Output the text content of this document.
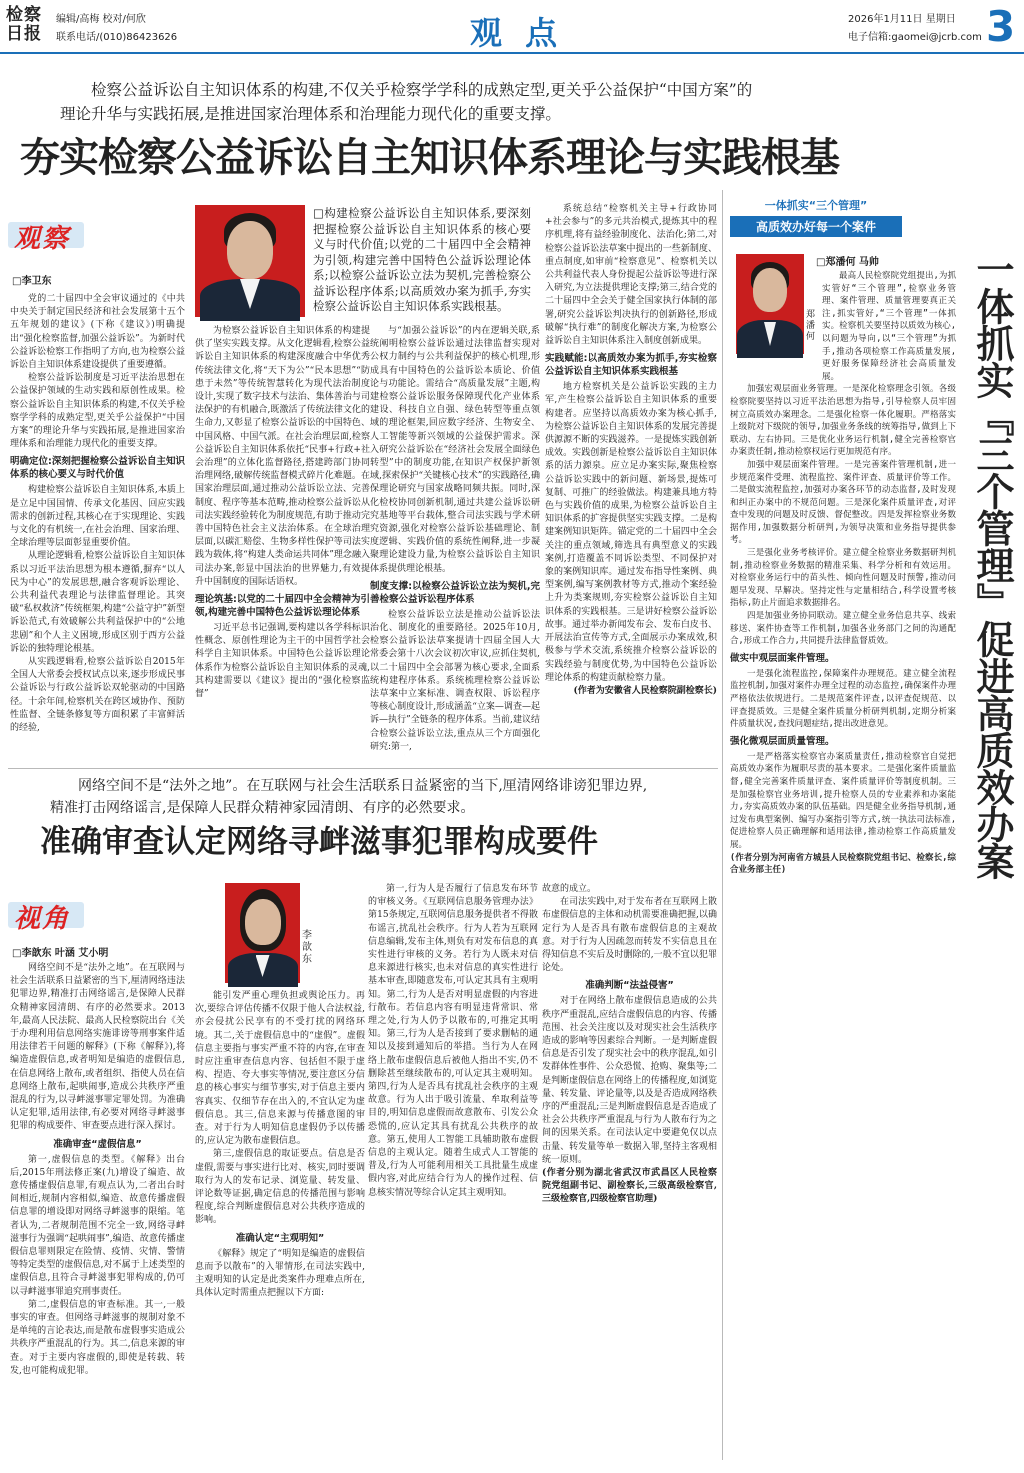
检察日报
编辑/高梅 校对/何欣
联系电话/(010)86423626	观 点	2026年1月11日 星期日
电子信箱:gaomei@jcrb.com 3
检察公益诉讼自主知识体系的构建,不仅关乎检察学学科的成熟定型,更关乎公益保护“中国方案”的理论升华与实践拓展,是推进国家治理体系和治理能力现代化的重要支撑。
夯实检察公益诉讼自主知识体系理论与实践根基
观察
□李卫东
□构建检察公益诉讼自主知识体系,要深刻把握检察公益诉讼自主知识体系的核心要义与时代价值;以党的二十届四中全会精神为引领,构建完善中国特色公益诉讼理论体系;以检察公益诉讼立法为契机,完善检察公益诉讼程序体系;以高质效办案为抓手,夯实检察公益诉讼自主知识体系实践根基。

党的二十届四中全会审议通过的《中共中央关于制定国民经济和社会发展第十五个五年规划的建议》(下称《建议》)明确提出“强化检察监督,加强公益诉讼”。为新时代公益诉讼检察工作指明了方向,也为检察公益诉讼自主知识体系建设提供了重要遵循。

检察公益诉讼制度是习近平法治思想在公益保护领域的生动实践和原创性成果。检察公益诉讼自主知识体系的构建,不仅关乎检察学学科的成熟定型,更关乎公益保护“中国方案”的理论升华与实践拓展,是推进国家治理体系和治理能力现代化的重要支撑。

明确定位:深刻把握检察公益诉讼自主知识体系的核心要义与时代价值

构建检察公益诉讼自主知识体系,本质上是立足中国国情、传承文化基因、回应实践需求的创新过程,其核心在于实现理论、实践与文化的有机统一,在社会治理、国家治理、全球治理等层面彰显重要价值。

从理论逻辑看,检察公益诉讼自主知识体系以习近平法治思想为根本遵循,摒弃“以人民为中心”的发展思想,融合客观诉讼理论、公共利益代表理论与法律监督理论。其突破“私权救济”传统框架,构建“公益守护”新型诉讼范式,有效破解公共利益保护中的“公地悲剧”和个人主义困境,形成区别于西方公益诉讼的独特理论根基。

从实践逻辑看,检察公益诉讼自2015年全国人大常委会授权试点以来,逐步形成民事公益诉讼与行政公益诉讼双轮驱动的中国路径。十余年间,检察机关在跨区域协作、预防性监督、全链条修复等方面积累了丰富鲜活的经验,

为检察公益诉讼自主知识体系的构建提供了坚实实践支撑。从文化逻辑看,检察公益诉讼自主知识体系的构建深度融合中华优秀传统法律文化,将“天下为公”“民本思想”“防患于未然”等传统智慧转化为现代法治制度设计,实现了数字技术与法治、集体善治与司法保护的有机融合,既激活了传统法律文化的生命力,又彰显了检察公益诉讼的中国特色、中国风格、中国气派。在社会治理层面,检察公益诉讼自主知识体系依托“民事+行政+社会治理”的立体化监督路径,搭建跨部门协同治理网络,破解传统监督模式碎片化难题。在国家治理层面,通过推动公益诉讼立法、完善制度、程序等基本范畴,推动检察公益诉讼从司法实践经验转化为制度规范,有助于推动完善中国特色社会主义法治体系。在全球治理层面,以碳汇赔偿、生物多样性保护等司法实践为载体,将“构建人类命运共同体”理念融入司法办案,彰显中国法治的世界魅力,有效提升中国制度的国际话语权。

理论筑基:以党的二十届四中全会精神为引领,构建完善中国特色公益诉讼理论体系

习近平总书记强调,要构建以各学科标识性概念、原创性理论为主干的中国哲学社会科学自主知识体系。中国特色公益诉讼理论体系作为检察公益诉讼自主知识体系的灵魂,其构建需要以《建议》提出的“强化检察监督”

与“加强公益诉讼”的内在逻辑关联,系统阐明检察公益诉讼通过法律监督实现对公权力制约与公共利益保护的核心机理,形成具有中国特色的公益诉讼本质论、价值论与功能论。需结合“高质量发展”主题,构建检察公益诉讼服务保障现代化产业体系建设、科技自立自强、绿色转型等重点领域的理论框架,回应数字经济、生物安全、人工智能等新兴领域的公益保护需求。深入研究公益诉讼在“经济社会发展全面绿色转型”中的制度功能,在知识产权保护新领域,探索保护“关键核心技术”的实践路径,确保理论研究与国家战略同频共振。同时,深化检校协同创新机制,通过共建公益诉讼研究基地等平台载体,整合司法实践与学术研究资源,强化对检察公益诉讼基础理论、制度逻辑、实践价值的系统性阐释,进一步凝聚理论建设力量,为检察公益诉讼自主知识体系提供理论根基。

制度支撑:以检察公益诉讼立法为契机,完善检察公益诉讼程序体系

检察公益诉讼立法是推动公益诉讼法治化、制度化的重要路径。2025年10月,检察公益诉讼法草案提请十四届全国人大常委会第十八次会议初次审议,应抓住契机,以二十届四中全会部署为核心要求,全面系统构建程序体系。系统梳理检察公益诉讼法草案中立案标准、调查权限、诉讼程序等核心制度设计,形成涵盖“立案—调查—起诉—执行”全链条的程序体系。当前,建议结合检察公益诉讼立法,重点从三个方面强化研究:第一,

系统总结“检察机关主导+行政协同+社会参与”的多元共治模式,提炼其中的程序机理,将有益经验制度化、法治化;第二,对检察公益诉讼法草案中提出的一些新制度、重点制度,如审前“检察意见”、检察机关以公共利益代表人身份提起公益诉讼等进行深入研究,为立法提供理论支撑;第三,结合党的二十届四中全会关于健全国家执行体制的部署,研究公益诉讼判决执行的创新路径,形成破解“执行难”的制度化解决方案,为检察公益诉讼自主知识体系注入制度创新成果。

实践赋能:以高质效办案为抓手,夯实检察公益诉讼自主知识体系实践根基

地方检察机关是公益诉讼实践的主力军,产生检察公益诉讼自主知识体系的重要构建者。应坚持以高质效办案为核心抓手,为检察公益诉讼自主知识体系的发展完善提供源源不断的实践滋养。一是提炼实践创新成效。实践创新是检察公益诉讼自主知识体系的活力源泉。应立足办案实际,聚焦检察公益诉讼实践中的新问题、新场景,提炼可复制、可推广的经验做法。构建兼具地方特色与实践价值的成果,为检察公益诉讼自主知识体系的扩容提供坚实实践支撑。二是构建案例知识矩阵。锚定党的二十届四中全会关注的重点领域,筛选具有典型意义的实践案例,打造覆盖不同诉讼类型、不同保护对象的案例知识库。通过发布指导性案例、典型案例,编写案例教材等方式,推动个案经验上升为类案规则,夯实检察公益诉讼自主知识体系的实践根基。三是讲好检察公益诉讼故事。通过举办新闻发布会、发布白皮书、开展法治宣传等方式,全面展示办案成效,积极参与学术交流,系统推介检察公益诉讼的实践经验与制度优势,为中国特色公益诉讼理论体系的构建贡献检察力量。

(作者为安徽省人民检察院副检察长)

网络空间不是“法外之地”。在互联网与社会生活联系日益紧密的当下,厘清网络诽谤犯罪边界,精准打击网络谣言,是保障人民群众精神家园清朗、有序的必然要求。
准确审查认定网络寻衅滋事犯罪构成要件
视角
□李歆东 叶涵 艾小明
李歆东

网络空间不是“法外之地”。在互联网与社会生活联系日益紧密的当下,厘清网络违法犯罪边界,精准打击网络谣言,是保障人民群众精神家园清朗、有序的必然要求。2013年,最高人民法院、最高人民检察院出台《关于办理利用信息网络实施诽谤等刑事案件适用法律若干问题的解释》(下称《解释》),将编造虚假信息,或者明知是编造的虚假信息,在信息网络上散布,或者组织、指使人员在信息网络上散布,起哄闹事,造成公共秩序严重混乱的行为,以寻衅滋事罪定罪处罚。为准确认定犯罪,适用法律,有必要对网络寻衅滋事犯罪的构成要件、审查要点进行深入探讨。

准确审查“虚假信息”

第一,虚假信息的类型。《解释》出台后,2015年刑法修正案(九)增设了编造、故意传播虚假信息罪,有观点认为,二者出台时间相近,规制内容相似,编造、故意传播虚假信息罪的增设即对网络寻衅滋事的限缩。笔者认为,二者规制范围不完全一致,网络寻衅滋事行为强调“起哄闹事”,编造、故意传播虚假信息罪则限定在险情、疫情、灾情、警情等特定类型的虚假信息,对不属于上述类型的虚假信息,且符合寻衅滋事犯罪构成的,仍可以寻衅滋事罪追究刑事责任。

第二,虚假信息的审查标准。其一,一般事实的审查。但网络寻衅滋事的规制对象不是单纯的言论表达,而是散布虚假事实造成公共秩序严重混乱的行为。其二,信息来源的审查。对于主要内容虚假的,即使是转载、转发,也可能构成犯罪。

能引发严重心理负担或舆论压力。再次,要综合评估传播不仅限于他人合法权益,亦会侵扰公民享有的不受打扰的网络环境。其二,关于虚假信息中的“虚假”。虚假信息主要指与事实严重不符的内容,在审查时应注重审查信息内容、包括但不限于虚构、捏造、夸大事实等情况,要注意区分信息的核心事实与细节事实,对于信息主要内容真实、仅细节存在出入的,不宜认定为虚假信息。其三,信息来源与传播意图的审查。对于行为人明知信息虚假仍予以传播的,应认定为散布虚假信息。

第三,虚假信息的取证要点。信息是否虚假,需要与事实进行比对、核实,同时要调取行为人的发布记录、浏览量、转发量、评论数等证据,确定信息的传播范围与影响程度,综合判断虚假信息对公共秩序造成的影响。

准确认定“主观明知”

《解释》规定了“明知是编造的虚假信息而予以散布”的入罪情形,在司法实践中,主观明知的认定是此类案件办理难点所在,具体认定时需重点把握以下方面:

第一,行为人是否履行了信息发布环节的审核义务。《互联网信息服务管理办法》第15条规定,互联网信息服务提供者不得散布谣言,扰乱社会秩序。行为人若为互联网信息编辑,发布主体,则负有对发布信息的真实性进行审核的义务。若行为人既未对信息来源进行核实,也未对信息的真实性进行基本审查,即随意发布,可认定其具有主观明知。第二,行为人是否对明显虚假的内容进行散布。若信息内容有明显违背常识、常理之处,行为人仍予以散布的,可推定其明知。第三,行为人是否接到了要求删帖的通知以及接到通知后的举措。当行为人在网络上散布虚假信息后被他人指出不实,仍不删除甚至继续散布的,可认定其主观明知。第四,行为人是否具有扰乱社会秩序的主观故意。行为人出于吸引流量、牟取利益等目的,明知信息虚假而故意散布、引发公众恐慌的,应认定其具有扰乱公共秩序的故意。第五,使用人工智能工具辅助散布虚假信息的主观认定。随着生成式人工智能的普及,行为人可能利用相关工具批量生成虚假内容,对此应结合行为人的操作过程、信息核实情况等综合认定其主观明知。

故意的成立。

在司法实践中,对于发布者在互联网上散布虚假信息的主体和动机需要准确把握,以确定行为人是否具有散布虚假信息的主观故意。对于行为人因疏忽而转发不实信息且在得知信息不实后及时删除的,一般不宜以犯罪论处。

准确判断“法益侵害”

对于在网络上散布虚假信息造成的公共秩序严重混乱,应结合虚假信息的内容、传播范围、社会关注度以及对现实社会生活秩序造成的影响等因素综合判断。一是判断虚假信息是否引发了现实社会中的秩序混乱,如引发群体性事件、公众恐慌、抢购、聚集等;二是判断虚假信息在网络上的传播程度,如浏览量、转发量、评论量等,以及是否造成网络秩序的严重混乱;三是判断虚假信息是否造成了社会公共秩序严重混乱与行为人散布行为之间的因果关系。在司法认定中要避免仅以点击量、转发量等单一数据入罪,坚持主客观相统一原则。

(作者分别为湖北省武汉市武昌区人民检察院党组副书记、副检察长,三级高级检察官,三级检察官,四级检察官助理)

一体抓实“三个管理”
高质效办好每一个案件
一体抓实『三个管理』促进高质效办案
□郑潘何 马帅
郑潘何

最高人民检察院党组提出,为抓实管好“三个管理”,检察业务管理、案件管理、质量管理要真正关注,抓实管好,“三个管理”一体抓实。检察机关要坚持以质效为核心,以问题为导向,以“三个管理”为抓手,推动各项检察工作高质量发展,更好服务保障经济社会高质量发展。

加强宏观层面业务管理。一是深化检察理念引领。各级检察院要坚持以习近平法治思想为指导,引导检察人员牢固树立高质效办案理念。二是强化检察一体化履职。严格落实上级院对下级院的领导,加强业务条线的统筹指导,做到上下联动、左右协同。三是优化业务运行机制,健全完善检察官办案责任制,推动检察权运行更加规范有序。

加强中观层面案件管理。一是完善案件管理机制,进一步规范案件受理、流程监控、案件评查、质量评价等工作。二是做实流程监控,加强对办案各环节的动态监督,及时发现和纠正办案中的不规范问题。三是深化案件质量评查,对评查中发现的问题及时反馈、督促整改。四是发挥检察业务数据作用,加强数据分析研判,为领导决策和业务指导提供参考。

三是强化业务考核评价。建立健全检察业务数据研判机制,推动检察业务数据的精准采集、科学分析和有效运用。对检察业务运行中的苗头性、倾向性问题及时预警,推动问题早发现、早解决。坚持定性与定量相结合,科学设置考核指标,防止片面追求数据排名。

四是加强业务协同联动。建立健全业务信息共享、线索移送、案件协查等工作机制,加强各业务部门之间的沟通配合,形成工作合力,共同提升法律监督质效。

做实中观层面案件管理。

一是强化流程监控,保障案件办理规范。建立健全流程监控机制,加强对案件办理全过程的动态监控,确保案件办理严格依法依规进行。二是规范案件评查,以评查促规范、以评查提质效。三是健全案件质量分析研判机制,定期分析案件质量状况,查找问题症结,提出改进意见。

强化微观层面质量管理。

一是严格落实检察官办案质量责任,推动检察官自觉把高质效办案作为履职尽责的基本要求。二是强化案件质量监督,健全完善案件质量评查、案件质量评价等制度机制。三是加强检察官业务培训,提升检察人员的专业素养和办案能力,夯实高质效办案的队伍基础。四是健全业务指导机制,通过发布典型案例、编写办案指引等方式,统一执法司法标准,促进检察人员正确理解和适用法律,推动检察工作高质量发展。

(作者分别为河南省方城县人民检察院党组书记、检察长,综合业务部主任)
